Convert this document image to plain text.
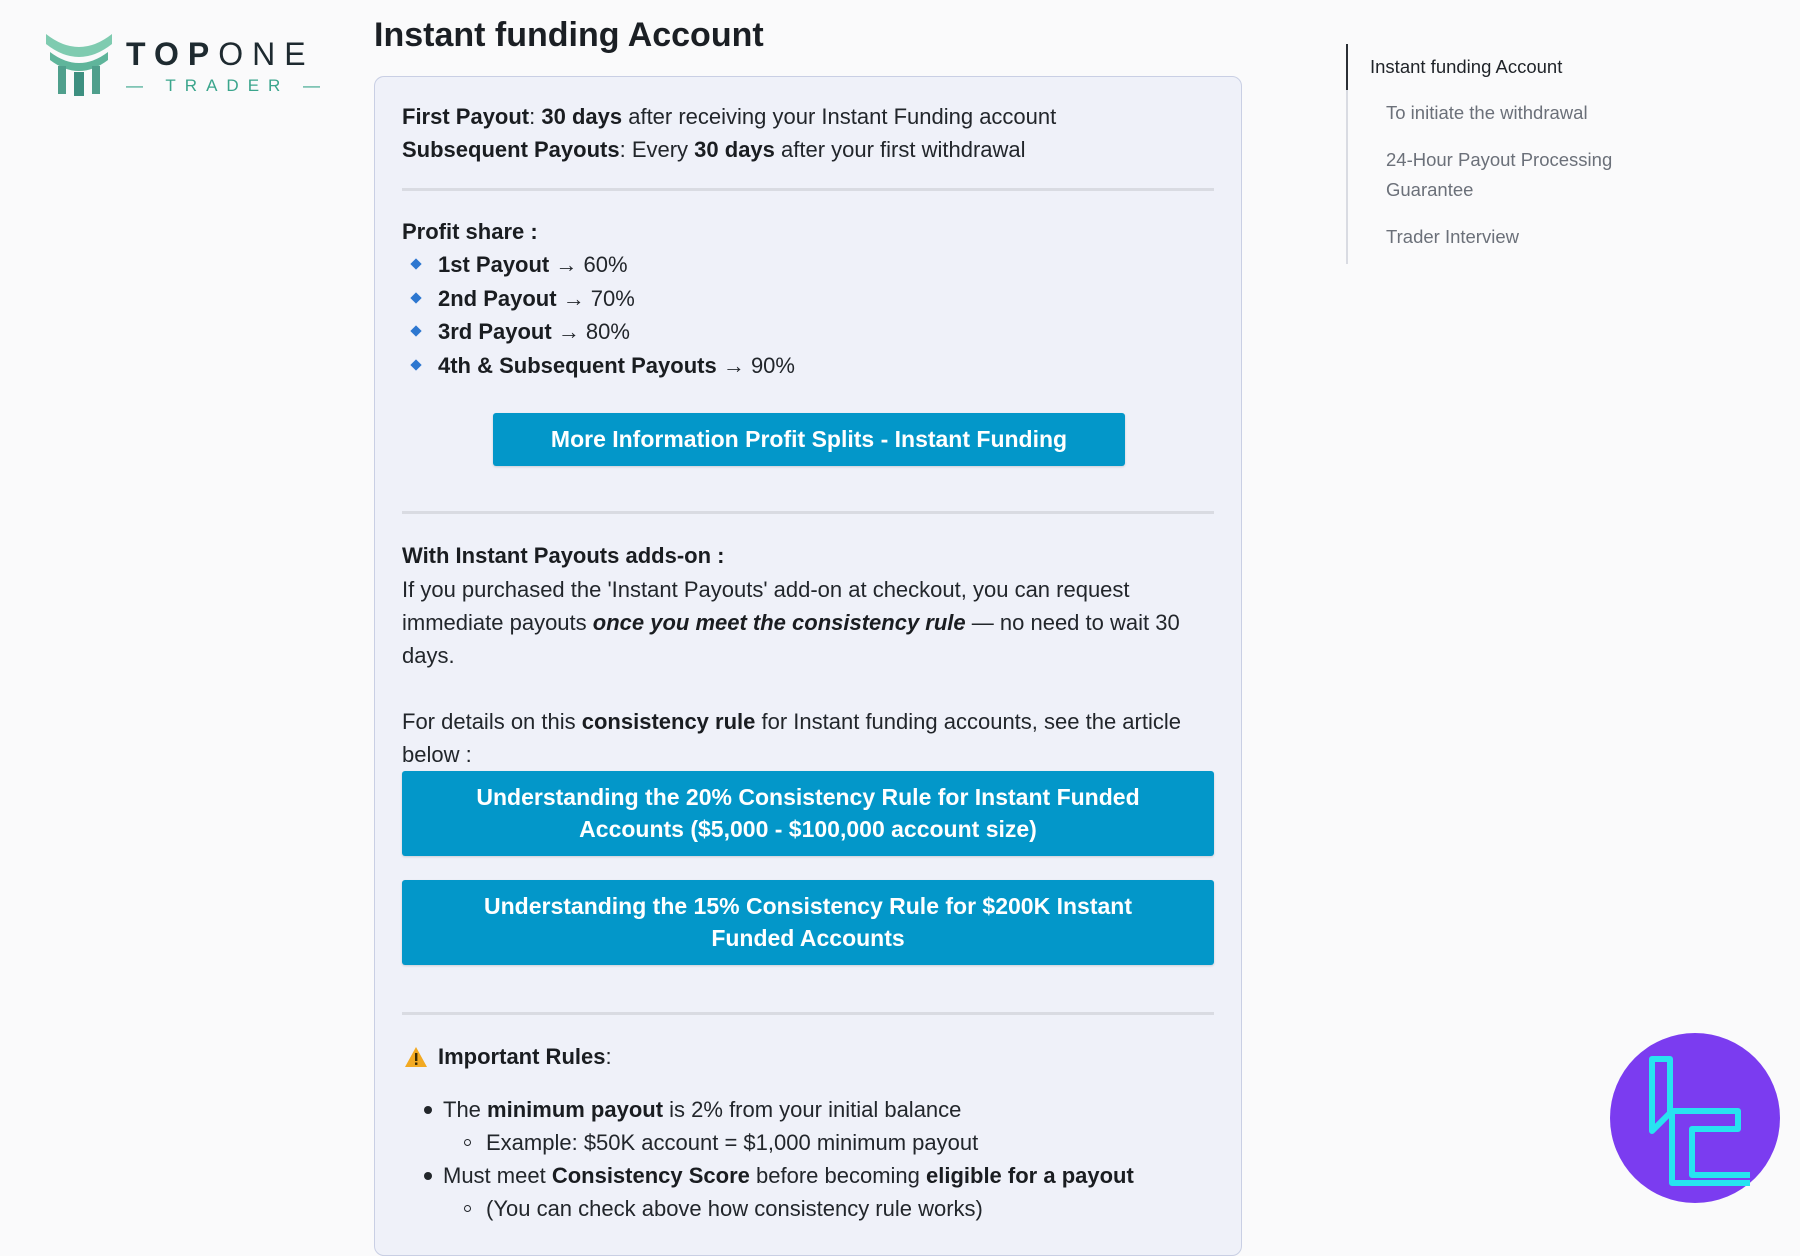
TOPONE
— TRADER —
Instant funding Account
First Payout: 30 days after receiving your Instant Funding account
Subsequent Payouts: Every 30 days after your first withdrawal
Profit share :
1st Payout → 60%
2nd Payout → 70%
3rd Payout → 80%
4th & Subsequent Payouts → 90%
More Information Profit Splits - Instant Funding
With Instant Payouts adds-on :
If you purchased the 'Instant Payouts' add-on at checkout, you can request immediate payouts once you meet the consistency rule — no need to wait 30 days.
For details on this consistency rule for Instant funding accounts, see the article below :
Understanding the 20% Consistency Rule for Instant Funded Accounts ($5,000 - $100,000 account size)
Understanding the 15% Consistency Rule for $200K Instant Funded Accounts
Important Rules:
The minimum payout is 2% from your initial balance
Example: $50K account = $1,000 minimum payout
Must meet Consistency Score before becoming eligible for a payout
(You can check above how consistency rule works)
Instant funding Account
To initiate the withdrawal
24-Hour Payout Processing Guarantee
Trader Interview
